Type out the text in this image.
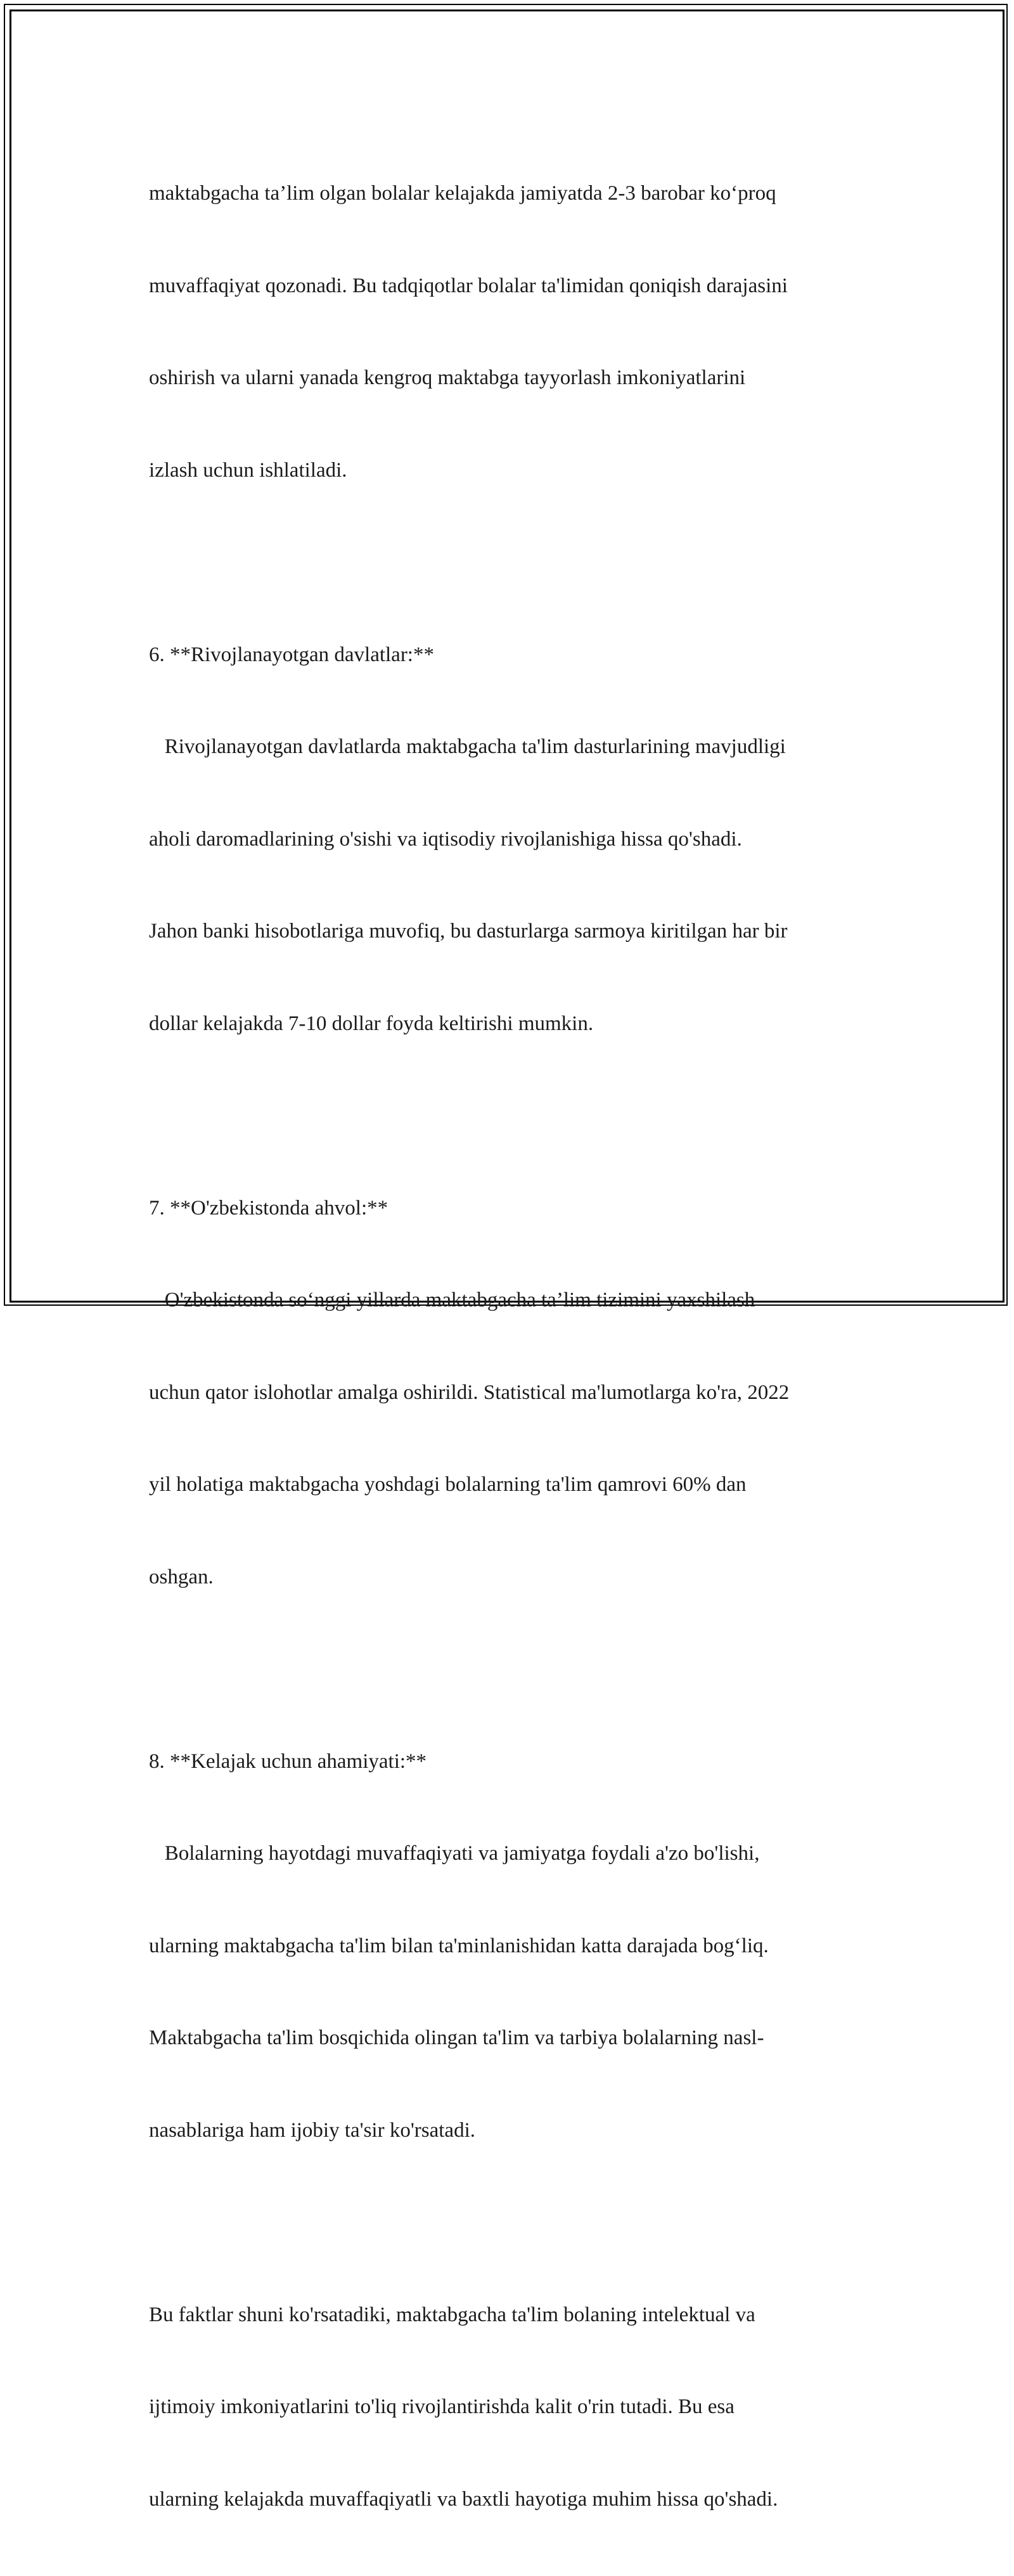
maktabgacha ta’lim olgan bolalar kelajakda jamiyatda 2-3 barobar ko‘proq

muvaffaqiyat qozonadi. Bu tadqiqotlar bolalar ta'limidan qoniqish darajasini

oshirish va ularni yanada kengroq maktabga tayyorlash imkoniyatlarini

izlash uchun ishlatiladi.

6. **Rivojlanayotgan davlatlar:**

Rivojlanayotgan davlatlarda maktabgacha ta'lim dasturlarining mavjudligi

aholi daromadlarining o'sishi va iqtisodiy rivojlanishiga hissa qo'shadi.

Jahon banki hisobotlariga muvofiq, bu dasturlarga sarmoya kiritilgan har bir

dollar kelajakda 7-10 dollar foyda keltirishi mumkin.

7. **O'zbekistonda ahvol:**

O'zbekistonda so‘nggi yillarda maktabgacha ta’lim tizimini yaxshilash

uchun qator islohotlar amalga oshirildi. Statistical ma'lumotlarga ko'ra, 2022

yil holatiga maktabgacha yoshdagi bolalarning ta'lim qamrovi 60% dan

oshgan.

8. **Kelajak uchun ahamiyati:**

Bolalarning hayotdagi muvaffaqiyati va jamiyatga foydali a'zo bo'lishi,

ularning maktabgacha ta'lim bilan ta'minlanishidan katta darajada bog‘liq.

Maktabgacha ta'lim bosqichida olingan ta'lim va tarbiya bolalarning nasl-

nasablariga ham ijobiy ta'sir ko'rsatadi.

Bu faktlar shuni ko'rsatadiki, maktabgacha ta'lim bolaning intelektual va

ijtimoiy imkoniyatlarini to'liq rivojlantirishda kalit o'rin tutadi. Bu esa

ularning kelajakda muvaffaqiyatli va baxtli hayotiga muhim hissa qo'shadi.
